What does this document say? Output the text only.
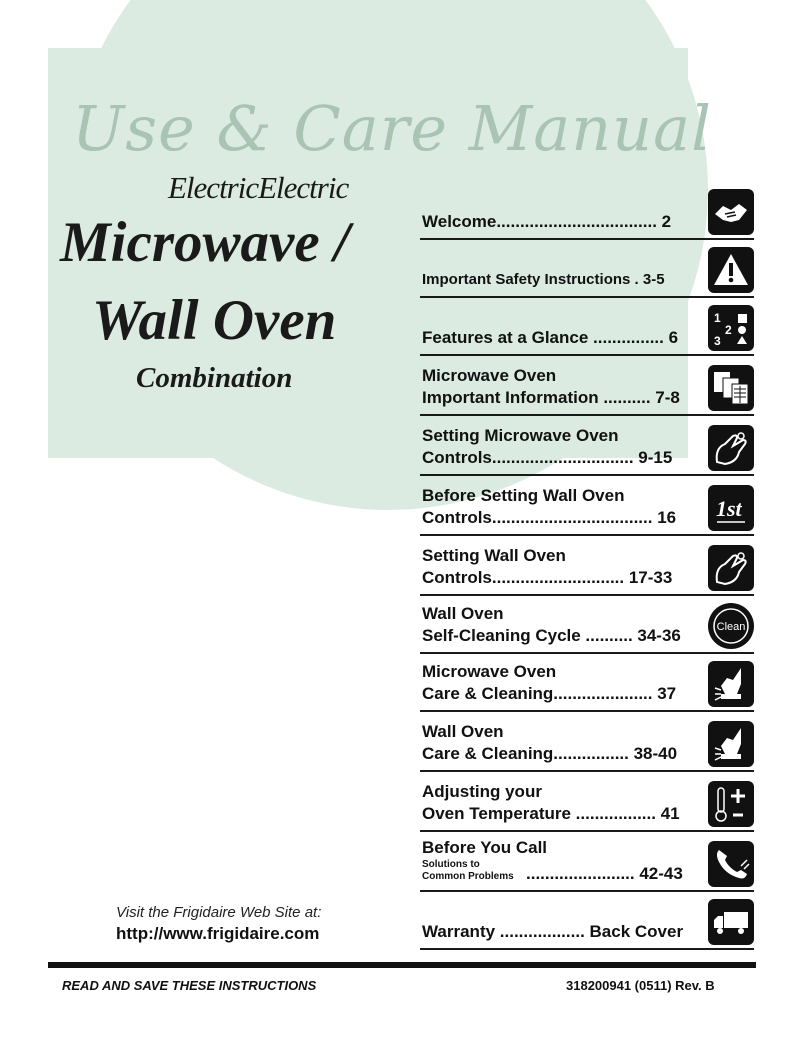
Use & Care Manual
ElectricElectric
Microwave /
Wall Oven
Combination
Visit the Frigidaire Web Site at:
http://www.frigidaire.com
Welcome.................................. 2
Important Safety Instructions . 3-5
Features at a Glance ............... 6
1
2
3
Microwave Oven
Important Information .......... 7-8
Setting Microwave Oven
Controls.............................. 9-15
Before Setting Wall Oven
Controls.................................. 16	1st
Setting Wall Oven
Controls............................ 17-33
Wall Oven
Self-Cleaning Cycle .......... 34-36	Clean
Microwave Oven
Care & Cleaning..................... 37
Wall Oven
Care & Cleaning................ 38-40
Adjusting your
Oven Temperature ................. 41
Before You Call
Solutions to
Common Problems ....................... 42-43
Warranty .................. Back Cover
READ AND SAVE THESE INSTRUCTIONS	318200941 (0511) Rev. B
